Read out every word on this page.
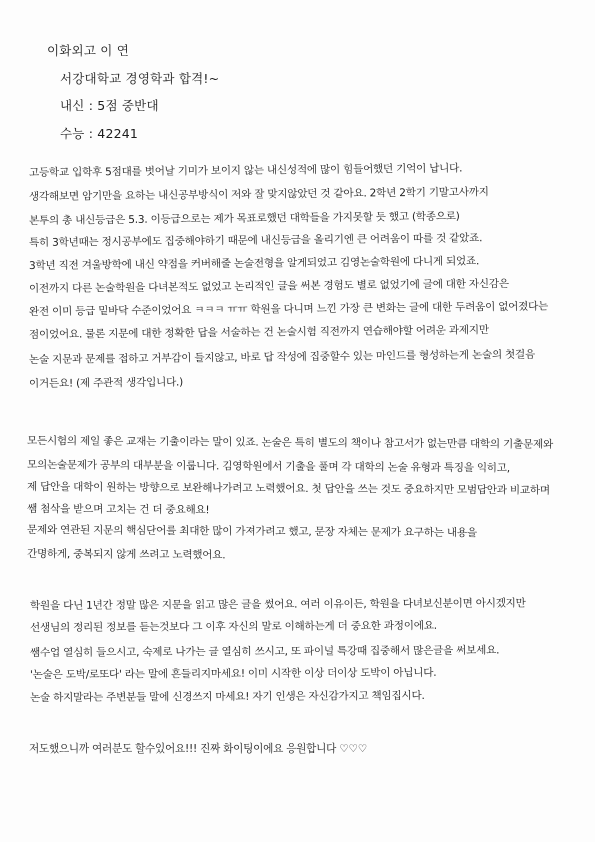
이화외고 이 연
서강대학교 경영학과 합격!~
내신 : 5점 중반대
수능 : 42241
고등학교 입학후 5점대를 벗어날 기미가 보이지 않는 내신성적에 많이 힘들어했던 기억이 납니다.
생각해보면 암기만을 요하는 내신공부방식이 저와 잘 맞지않았던 것 같아요. 2학년 2학기 기말고사까지
본투의 총 내신등급은 5.3. 이등급으로는 제가 목표로했던 대학들을 가지못할 듯 했고 (학종으로)
특히 3학년때는 정시공부에도 집중해야하기 때문에 내신등급을 올리기엔 큰 어려움이 따를 것 같았죠.
3학년 직전 겨울방학에 내신 약점을 커버해줄 논술전형을 알게되었고 김영논술학원에 다니게 되었죠.
이전까지 다른 논술학원을 다녀본적도 없었고 논리적인 글을 써본 경험도 별로 없었기에 글에 대한 자신감은
완전 이미 등급 밑바닥 수준이었어요 ㅋㅋㅋ ㅠㅠ 학원을 다니며 느낀 가장 큰 변화는 글에 대한 두려움이 없어졌다는
점이었어요. 물론 지문에 대한 정확한 답을 서술하는 건 논술시험 직전까지 연습해야할 어려운 과제지만
논술 지문과 문제를 접하고 거부감이 들지않고, 바로 답 작성에 집중할수 있는 마인드를 형성하는게 논술의 첫걸음
이거든요! (제 주관적 생각입니다.)
모든시험의 제일 좋은 교재는 기출이라는 말이 있죠. 논술은 특히 별도의 책이나 참고서가 없는만큼 대학의 기출문제와
모의논술문제가 공부의 대부분을 이룹니다. 김영학원에서 기출을 풀며 각 대학의 논술 유형과 특징을 익히고,
제 답안을 대학이 원하는 방향으로 보완해나가려고 노력했어요. 첫 답안을 쓰는 것도 중요하지만 모범답안과 비교하며
쌤 첨삭을 받으며 고치는 건 더 중요해요!
문제와 연관된 지문의 핵심단어를 최대한 많이 가져가려고 했고, 문장 자체는 문제가 요구하는 내용을
간명하게, 중복되지 않게 쓰려고 노력했어요.
학원을 다닌 1년간 정말 많은 지문을 읽고 많은 글을 썼어요. 여러 이유이든, 학원을 다녀보신분이면 아시겠지만
선생님의 정리된 정보를 듣는것보다 그 이후 자신의 말로 이해하는게 더 중요한 과정이에요.
쌤수업 열심히 들으시고, 숙제로 나가는 글 열심히 쓰시고, 또 파이널 특강때 집중해서 많은글을 써보세요.
'논술은 도박/로또다' 라는 말에 흔들리지마세요! 이미 시작한 이상 더이상 도박이 아닙니다.
논술 하지말라는 주변분들 말에 신경쓰지 마세요! 자기 인생은 자신감가지고 책임집시다.
저도했으니까 여러분도 할수있어요!!! 진짜 화이팅이에요 응원합니다 ♡♡♡
